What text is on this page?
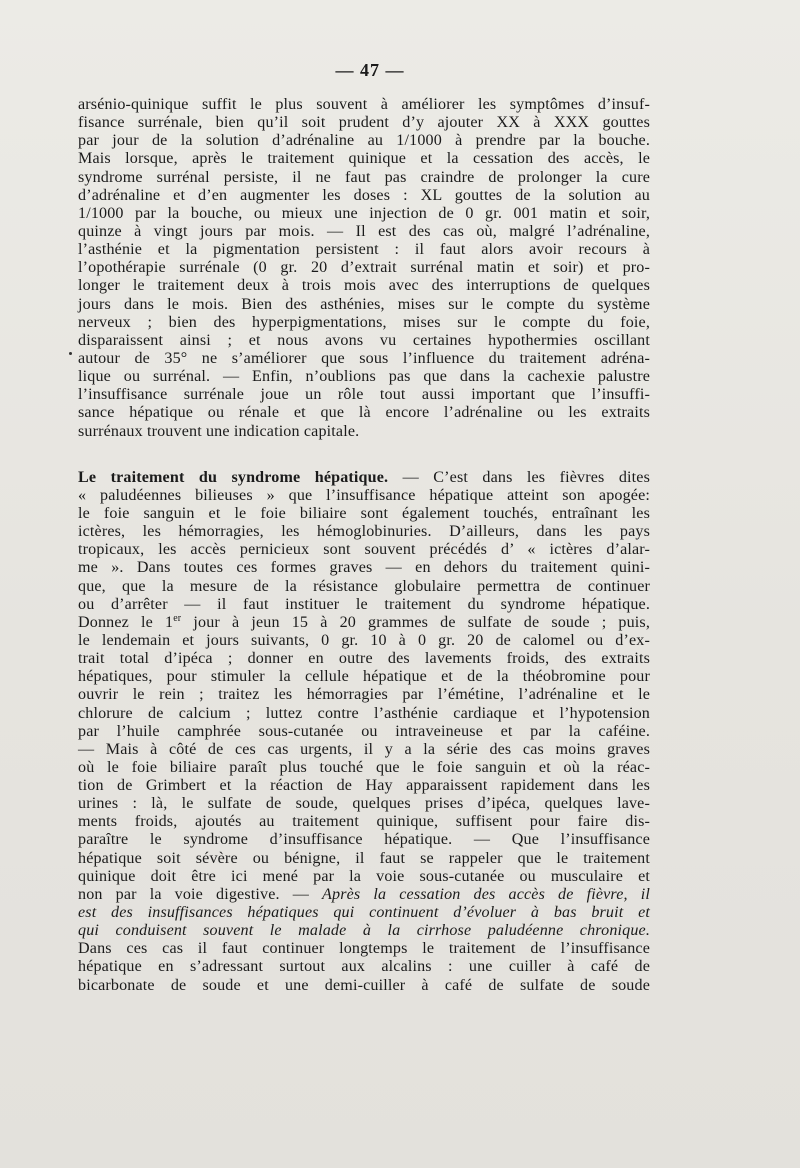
— 47 —
arsénio-quinique suffit le plus souvent à améliorer les symptômes d’insuf-
fisance surrénale, bien qu’il soit prudent d’y ajouter XX à XXX gouttes
par jour de la solution d’adrénaline au 1/1000 à prendre par la bouche.
Mais lorsque, après le traitement quinique et la cessation des accès, le
syndrome surrénal persiste, il ne faut pas craindre de prolonger la cure
d’adrénaline et d’en augmenter les doses : XL gouttes de la solution au
1/1000 par la bouche, ou mieux une injection de 0 gr. 001 matin et soir,
quinze à vingt jours par mois. — Il est des cas où, malgré l’adrénaline,
l’asthénie et la pigmentation persistent : il faut alors avoir recours à
l’opothérapie surrénale (0 gr. 20 d’extrait surrénal matin et soir) et pro-
longer le traitement deux à trois mois avec des interruptions de quelques
jours dans le mois. Bien des asthénies, mises sur le compte du système
nerveux ; bien des hyperpigmentations, mises sur le compte du foie,
disparaissent ainsi ; et nous avons vu certaines hypothermies oscillant
autour de 35° ne s’améliorer que sous l’influence du traitement adréna-
lique ou surrénal. — Enfin, n’oublions pas que dans la cachexie palustre
l’insuffisance surrénale joue un rôle tout aussi important que l’insuffi-
sance hépatique ou rénale et que là encore l’adrénaline ou les extraits
surrénaux trouvent une indication capitale.
Le traitement du syndrome hépatique. — C’est dans les fièvres dites
« paludéennes bilieuses » que l’insuffisance hépatique atteint son apogée:
le foie sanguin et le foie biliaire sont également touchés, entraînant les
ictères, les hémorragies, les hémoglobinuries. D’ailleurs, dans les pays
tropicaux, les accès pernicieux sont souvent précédés d’ « ictères d’alar-
me ». Dans toutes ces formes graves — en dehors du traitement quini-
que, que la mesure de la résistance globulaire permettra de continuer
ou d’arrêter — il faut instituer le traitement du syndrome hépatique.
Donnez le 1er jour à jeun 15 à 20 grammes de sulfate de soude ; puis,
le lendemain et jours suivants, 0 gr. 10 à 0 gr. 20 de calomel ou d’ex-
trait total d’ipéca ; donner en outre des lavements froids, des extraits
hépatiques, pour stimuler la cellule hépatique et de la théobromine pour
ouvrir le rein ; traitez les hémorragies par l’émétine, l’adrénaline et le
chlorure de calcium ; luttez contre l’asthénie cardiaque et l’hypotension
par l’huile camphrée sous-cutanée ou intraveineuse et par la caféine.
— Mais à côté de ces cas urgents, il y a la série des cas moins graves
où le foie biliaire paraît plus touché que le foie sanguin et où la réac-
tion de Grimbert et la réaction de Hay apparaissent rapidement dans les
urines : là, le sulfate de soude, quelques prises d’ipéca, quelques lave-
ments froids, ajoutés au traitement quinique, suffisent pour faire dis-
paraître le syndrome d’insuffisance hépatique. — Que l’insuffisance
hépatique soit sévère ou bénigne, il faut se rappeler que le traitement
quinique doit être ici mené par la voie sous-cutanée ou musculaire et
non par la voie digestive. — Après la cessation des accès de fièvre, il
est des insuffisances hépatiques qui continuent d’évoluer à bas bruit et
qui conduisent souvent le malade à la cirrhose paludéenne chronique.
Dans ces cas il faut continuer longtemps le traitement de l’insuffisance
hépatique en s’adressant surtout aux alcalins : une cuiller à café de
bicarbonate de soude et une demi-cuiller à café de sulfate de soude
